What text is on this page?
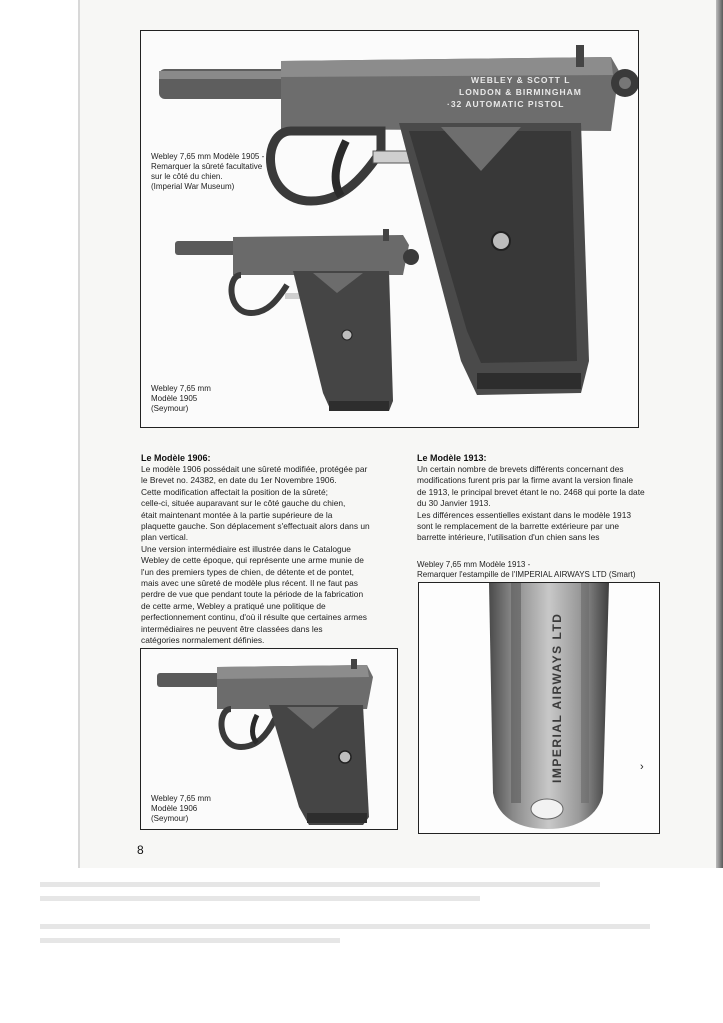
WEBLEY & SCOTT L
LONDON & BIRMINGHAM
·32 AUTOMATIC PISTOL
Webley 7,65 mm Modèle 1905 -
Remarquer la sûreté facultative
sur le côté du chien.
(Imperial War Museum)
Webley 7,65 mm
Modèle 1905
(Seymour)
Le Modèle 1906:
Le modèle 1906 possédait une sûreté modifiée, protégée par
le Brevet no. 24382, en date du 1er Novembre 1906.
Cette modification affectait la position de la sûreté;
celle-ci, située auparavant sur le côté gauche du chien,
était maintenant montée à la partie supérieure de la
plaquette gauche. Son déplacement s'effectuait alors dans un
plan vertical.
Une version intermédiaire est illustrée dans le Catalogue
Webley de cette époque, qui représente une arme munie de
l'un des premiers types de chien, de détente et de pontet,
mais avec une sûreté de modèle plus récent. Il ne faut pas
perdre de vue que pendant toute la période de la fabrication
de cette arme, Webley a pratiqué une politique de
perfectionnement continu, d'où il résulte que certaines armes
intermédiaires ne peuvent être classées dans les
catégories normalement définies.
Le Modèle 1913:
Un certain nombre de brevets différents concernant des
modifications furent pris par la firme avant la version finale
de 1913, le principal brevet étant le no. 2468 qui porte la date
du 30 Janvier 1913.
Les différences essentielles existant dans le modèle 1913
sont le remplacement de la barrette extérieure par une
barrette intérieure, l'utilisation d'un chien sans les
Webley 7,65 mm
Modèle 1906
(Seymour)
Webley 7,65 mm Modèle 1913 -
Remarquer l'estampille de l'IMPERIAL AIRWAYS LTD (Smart)
IMPERIAL AIRWAYS LTD	›
8
